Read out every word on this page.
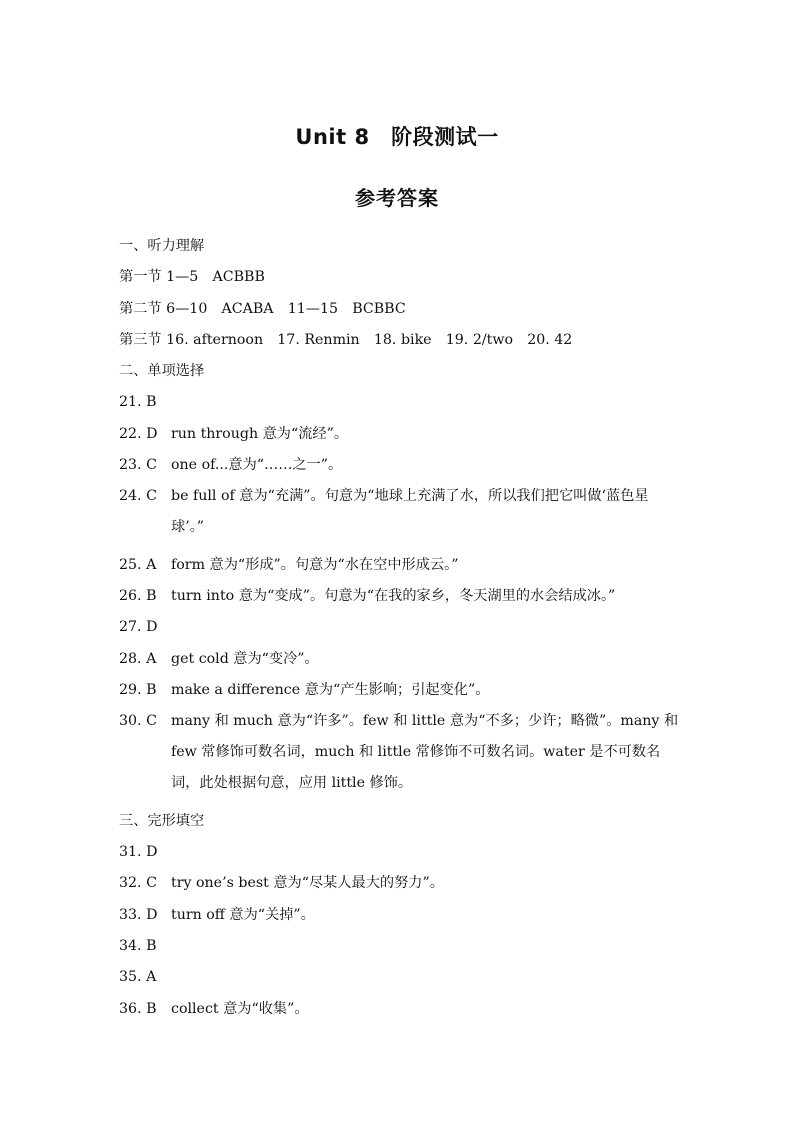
Unit 8　阶段测试一
参考答案
一、听力理解
第一节 1—5　ACBBB
第二节 6—10　ACABA　11—15　BCBBC
第三节 16. afternoon　17. Renmin　18. bike　19. 2/two　20. 42
二、单项选择
21. B
22. D run through 意为“流经”。
23. C one of...意为“……之一”。
24. C be full of 意为“充满”。句意为“地球上充满了水，所以我们把它叫做‘蓝色星球’。”
25. A	form 意为“形成”。句意为“水在空中形成云。”
26. B	turn into 意为“变成”。句意为“在我的家乡，冬天湖里的水会结成冰。”
27. D
28. A	get cold 意为“变冷”。
29. B	make a difference 意为“产生影响；引起变化”。
30. C many 和 much 意为“许多”。few 和 little 意为“不多；少许；略微”。many 和 few 常修饰可数名词，much 和 little 常修饰不可数名词。water 是不可数名词，此处根据句意，应用 little 修饰。
三、完形填空
31. D
32. C try one’s best 意为“尽某人最大的努力”。
33. D turn off 意为“关掉”。
34. B
35. A
36. B	collect 意为“收集”。
